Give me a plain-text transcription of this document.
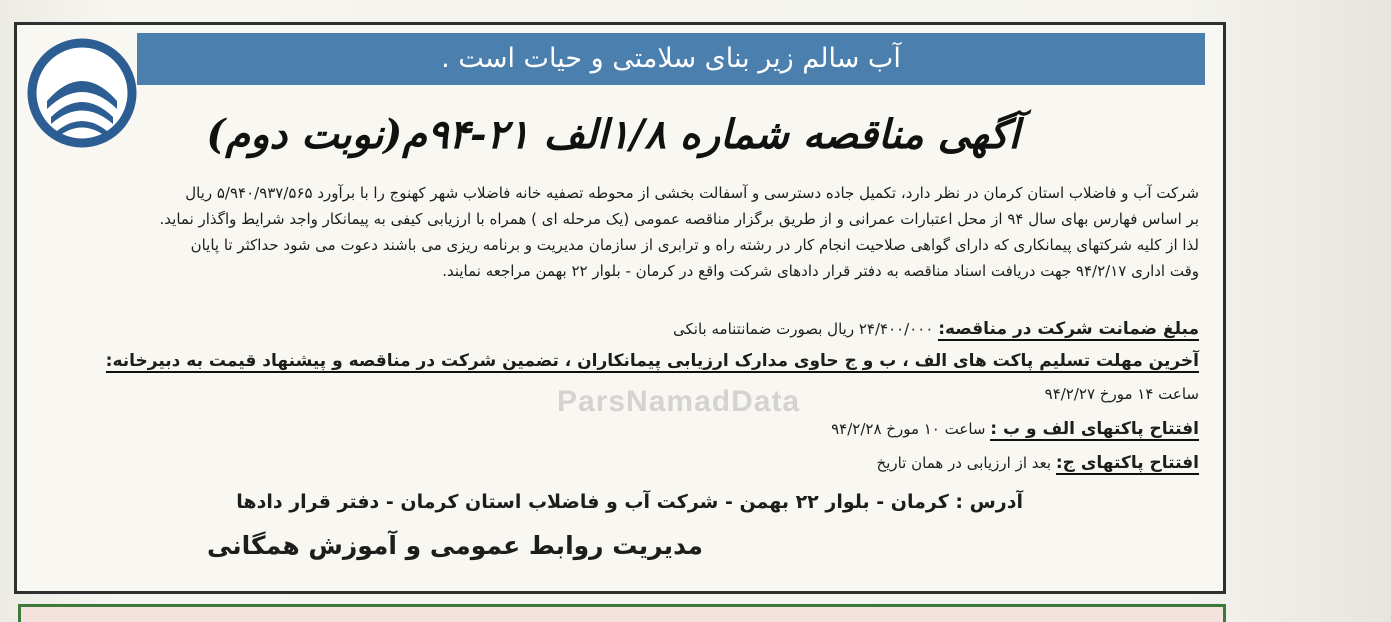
آب سالم زیر بنای سلامتی و حیات است .
آگهی مناقصه شماره ۱/۸الف ۲۱-۹۴م(نوبت دوم)

شرکت آب و فاضلاب استان کرمان در نظر دارد، تکمیل جاده دسترسی و آسفالت بخشی از محوطه تصفیه خانه فاضلاب شهر کهنوج را با برآورد ۵/۹۴۰/۹۳۷/۵۶۵ ریال

بر اساس فهارس بهای سال ۹۴ از محل اعتبارات عمرانی و از طریق برگزار مناقصه عمومی (یک مرحله ای ) همراه با ارزیابی کیفی به پیمانکار واجد شرایط واگذار نماید.

لذا از کلیه شرکتهای پیمانکاری که دارای گواهی صلاحیت انجام کار در رشته راه و ترابری از سازمان مدیریت و برنامه ریزی می باشند دعوت می شود حداکثر تا پایان

وقت اداری ۹۴/۲/۱۷ جهت دریافت اسناد مناقصه به دفتر قرار دادهای شرکت واقع در کرمان - بلوار ۲۲ بهمن مراجعه نمایند.

مبلغ ضمانت شرکت در مناقصه: ۲۴/۴۰۰/۰۰۰ ریال بصورت ضمانتنامه بانکی
آخرین مهلت تسلیم پاکت های الف ، ب و ج حاوی مدارک ارزیابی پیمانکاران ، تضمین شرکت در مناقصه و پیشنهاد قیمت به دبیرخانه:
ساعت ۱۴ مورخ ۹۴/۲/۲۷
افتتاح پاکتهای الف و ب : ساعت ۱۰ مورخ ۹۴/۲/۲۸
افتتاح پاکتهای ج: بعد از ارزیابی در همان تاریخ
آدرس : کرمان - بلوار ۲۲ بهمن - شرکت آب و فاضلاب استان کرمان - دفتر قرار دادها
مدیریت روابط عمومی و آموزش همگانی
ParsNamadData
